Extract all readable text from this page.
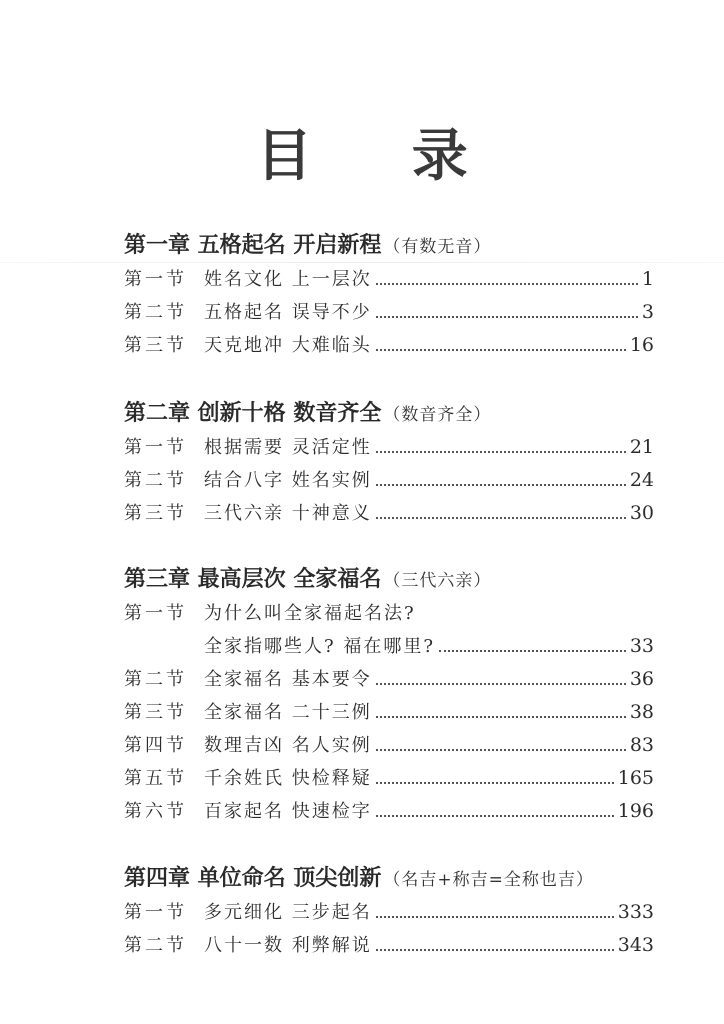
目 录
第一章 五格起名 开启新程 （有数无音）
第一节 姓名文化 上一层次	1
第二节 五格起名 误导不少	3
第三节 天克地冲 大难临头	16
第二章 创新十格 数音齐全 （数音齐全）
第一节 根据需要 灵活定性	21
第二节 结合八字 姓名实例	24
第三节 三代六亲 十神意义	30
第三章 最高层次 全家福名 （三代六亲）
第一节 为什么叫全家福起名法?
全家指哪些人? 福在哪里?	33
第二节 全家福名 基本要令	36
第三节 全家福名 二十三例	38
第四节 数理吉凶 名人实例	83
第五节 千余姓氏 快检释疑	165
第六节 百家起名 快速检字	196
第四章 单位命名 顶尖创新 （名吉+称吉=全称也吉）
第一节 多元细化 三步起名	333
第二节 八十一数 利弊解说	343
